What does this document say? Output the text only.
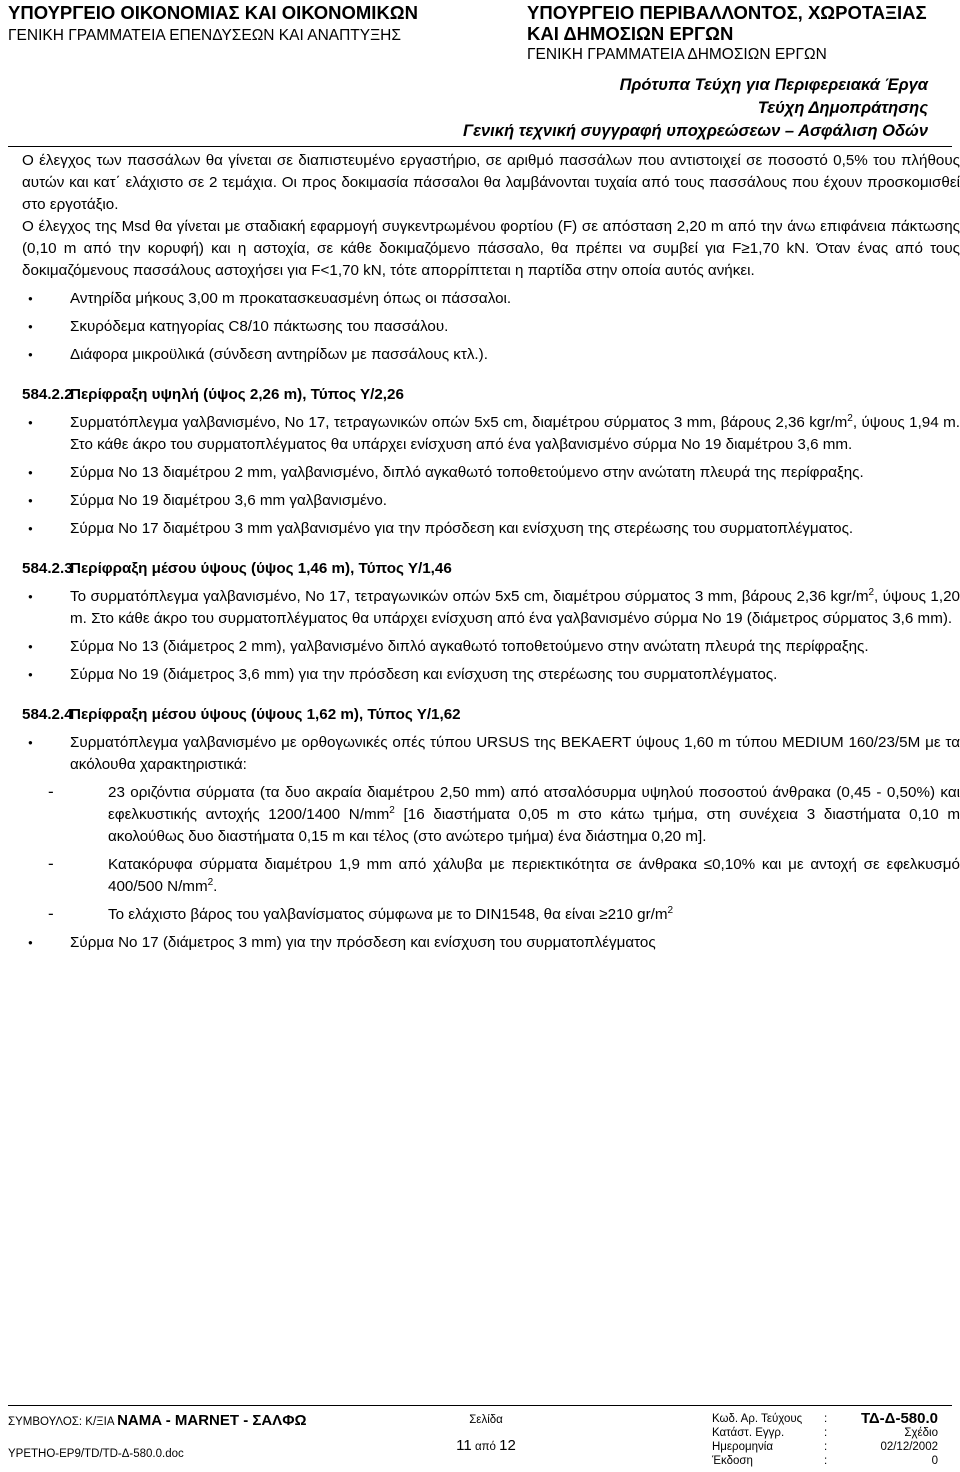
ΥΠΟΥΡΓΕΙΟ ΟΙΚΟΝΟΜΙΑΣ ΚΑΙ ΟΙΚΟΝΟΜΙΚΩΝ
ΓΕΝΙΚΗ ΓΡΑΜΜΑΤΕΙΑ ΕΠΕΝΔΥΣΕΩΝ ΚΑΙ ΑΝΑΠΤΥΞΗΣ
ΥΠΟΥΡΓΕΙΟ ΠΕΡΙΒΑΛΛΟΝΤΟΣ, ΧΩΡΟΤΑΞΙΑΣ
ΚΑΙ ΔΗΜΟΣΙΩΝ ΕΡΓΩΝ
ΓΕΝΙΚΗ ΓΡΑΜΜΑΤΕΙΑ ΔΗΜΟΣΙΩΝ ΕΡΓΩΝ
Πρότυπα Τεύχη για Περιφερειακά Έργα
Τεύχη Δημοπράτησης
Γενική τεχνική συγγραφή υποχρεώσεων – Ασφάλιση Οδών

Ο έλεγχος των πασσάλων θα γίνεται σε διαπιστευμένο εργαστήριο, σε αριθμό πασσάλων που αντιστοιχεί σε ποσοστό 0,5% του πλήθους αυτών και κατ΄ ελάχιστο σε 2 τεμάχια. Οι προς δοκιμασία πάσσαλοι θα λαμβάνονται τυχαία από τους πασσάλους που έχουν προσκομισθεί στο εργοτάξιο.

Ο έλεγχος της Msd θα γίνεται με σταδιακή εφαρμογή συγκεντρωμένου φορτίου (F) σε απόσταση 2,20 m από την άνω επιφάνεια πάκτωσης (0,10 m από την κορυφή) και η αστοχία, σε κάθε δοκιμαζόμενο πάσσαλο, θα πρέπει να συμβεί για F≥1,70 kN. Όταν ένας από τους δοκιμαζόμενους πασσάλους αστοχήσει για F<1,70 kN, τότε απορρίπτεται η παρτίδα στην οποία αυτός ανήκει.

● Αντηρίδα μήκους 3,00 m προκατασκευασμένη όπως οι πάσσαλοι.
● Σκυρόδεμα κατηγορίας C8/10 πάκτωσης του πασσάλου.
● Διάφορα μικροϋλικά (σύνδεση αντηρίδων με πασσάλους κτλ.).
584.2.2Περίφραξη υψηλή (ύψος 2,26 m), Τύπος Υ/2,26
● Συρματόπλεγμα γαλβανισμένο, Νο 17, τετραγωνικών οπών 5x5 cm, διαμέτρου σύρματος 3 mm, βάρους 2,36 kgr/$m^2$, ύψους 1,94 m. Στο κάθε άκρο του συρματοπλέγματος θα υπάρχει ενίσχυση από ένα γαλβανισμένο σύρμα Νο 19 διαμέτρου 3,6 mm.
● Σύρμα Νο 13 διαμέτρου 2 mm, γαλβανισμένο, διπλό αγκαθωτό τοποθετούμενο στην ανώτατη πλευρά της περίφραξης.
● Σύρμα Νο 19 διαμέτρου 3,6 mm γαλβανισμένο.
● Σύρμα Νο 17 διαμέτρου 3 mm γαλβανισμένο για την πρόσδεση και ενίσχυση της στερέωσης του συρματοπλέγματος.
584.2.3Περίφραξη μέσου ύψους (ύψος 1,46 m), Τύπος Υ/1,46
● Το συρματόπλεγμα γαλβανισμένο, Νο 17, τετραγωνικών οπών 5x5 cm, διαμέτρου σύρματος 3 mm, βάρους 2,36 kgr/$m^2$, ύψους 1,20 m. Στο κάθε άκρο του συρματοπλέγματος θα υπάρχει ενίσχυση από ένα γαλβανισμένο σύρμα Νο 19 (διάμετρος σύρματος 3,6 mm).
● Σύρμα Νο 13 (διάμετρος 2 mm), γαλβανισμένο διπλό αγκαθωτό τοποθετούμενο στην ανώτατη πλευρά της περίφραξης.
● Σύρμα Νο 19 (διάμετρος 3,6 mm) για την πρόσδεση και ενίσχυση της στερέωσης του συρματοπλέγματος.
584.2.4Περίφραξη μέσου ύψους (ύψους 1,62 m), Τύπος Υ/1,62
● Συρματόπλεγμα γαλβανισμένο με ορθογωνικές οπές τύπου URSUS της BEKAERT ύψους 1,60 m τύπου MEDIUM 160/23/5M με τα ακόλουθα χαρακτηριστικά:
- 23 οριζόντια σύρματα (τα δυο ακραία διαμέτρου 2,50 mm) από ατσαλόσυρμα υψηλού ποσοστού άνθρακα (0,45 - 0,50%) και εφελκυστικής αντοχής 1200/1400 $N/mm^2$ [16 διαστήματα 0,05 m στο κάτω τμήμα, στη συνέχεια 3 διαστήματα 0,10 m ακολούθως δυο διαστήματα 0,15 m και τέλος (στο ανώτερο τμήμα) ένα διάστημα 0,20 m].
- Κατακόρυφα σύρματα διαμέτρου 1,9 mm από χάλυβα με περιεκτικότητα σε άνθρακα ≤0,10% και με αντοχή σε εφελκυσμό 400/500 $N/mm^2$.
- Το ελάχιστο βάρος του γαλβανίσματος σύμφωνα με το DIN1548, θα είναι ≥210 $gr/m^2$
● Σύρμα Νο 17 (διάμετρος 3 mm) για την πρόσδεση και ενίσχυση του συρματοπλέγματος
ΣΥΜΒΟΥΛΟΣ: Κ/ΞΙΑ NAMA - MARNET - ΣΑΛΦΩ
ΥΡΕΤΗΟ-ΕΡ9/ΤD/ΤD-Δ-580.0.doc
Σελίδα
11 από 12
Κωδ. Αρ. Τεύχους	:	ΤΔ-Δ-580.0
Κατάστ. Εγγρ.	:	Σχέδιο
Ημερομηνία	:	02/12/2002
Έκδοση	:	0
